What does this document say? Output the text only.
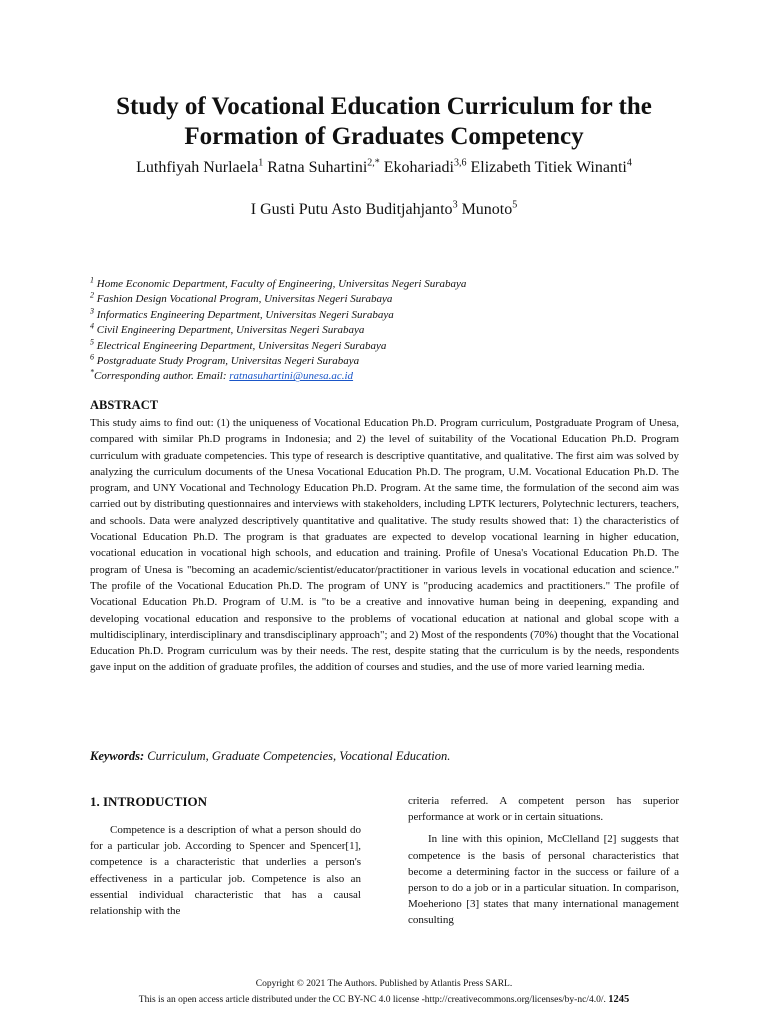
Study of Vocational Education Curriculum for the
Formation of Graduates Competency
Luthfiyah Nurlaela$^1$ Ratna Suhartini$^{2,*}$ Ekohariadi$^{3,6}$ Elizabeth Titiek Winanti$^4$
I Gusti Putu Asto Buditjahjanto$^3$ Munoto$^5$
$^1$ Home Economic Department, Faculty of Engineering, Universitas Negeri Surabaya
$^2$ Fashion Design Vocational Program, Universitas Negeri Surabaya
$^3$ Informatics Engineering Department, Universitas Negeri Surabaya
$^4$ Civil Engineering Department, Universitas Negeri Surabaya
$^5$ Electrical Engineering Department, Universitas Negeri Surabaya
$^6$ Postgraduate Study Program, Universitas Negeri Surabaya
*Corresponding author. Email: ratnasuhartini@unesa.ac.id
ABSTRACT

This study aims to find out: (1) the uniqueness of Vocational Education Ph.D. Program curriculum, Postgraduate Program of Unesa, compared with similar Ph.D programs in Indonesia; and 2) the level of suitability of the Vocational Education Ph.D. Program curriculum with graduate competencies. This type of research is descriptive quantitative, and qualitative. The first aim was solved by analyzing the curriculum documents of the Unesa Vocational Education Ph.D. The program, U.M. Vocational Education Ph.D. The program, and UNY Vocational and Technology Education Ph.D. Program. At the same time, the formulation of the second aim was carried out by distributing questionnaires and interviews with stakeholders, including LPTK lecturers, Polytechnic lecturers, teachers, and schools. Data were analyzed descriptively quantitative and qualitative. The study results showed that: 1) the characteristics of Vocational Education Ph.D. The program is that graduates are expected to develop vocational learning in higher education, vocational education in vocational high schools, and education and training. Profile of Unesa's Vocational Education Ph.D. The program of Unesa is "becoming an academic/scientist/educator/practitioner in various levels in vocational education and science." The profile of the Vocational Education Ph.D. The program of UNY is "producing academics and practitioners." The profile of Vocational Education Ph.D. Program of U.M. is "to be a creative and innovative human being in deepening, expanding and developing vocational education and responsive to the problems of vocational education at national and global scope with a multidisciplinary, interdisciplinary and transdisciplinary approach"; and 2) Most of the respondents (70%) thought that the Vocational Education Ph.D. Program curriculum was by their needs. The rest, despite stating that the curriculum is by the needs, respondents gave input on the addition of graduate profiles, the addition of courses and studies, and the use of more varied learning media.

Keywords: Curriculum, Graduate Competencies, Vocational Education.
1. INTRODUCTION

Competence is a description of what a person should do for a particular job. According to Spencer and Spencer[1], competence is a characteristic that underlies a person's effectiveness in a particular job. Competence is also an essential individual characteristic that has a causal relationship with the

criteria referred. A competent person has superior performance at work or in certain situations.

In line with this opinion, McClelland [2] suggests that competence is the basis of personal characteristics that become a determining factor in the success or failure of a person to do a job or in a particular situation. In comparison, Moeheriono [3] states that many international management consulting

Copyright © 2021 The Authors. Published by Atlantis Press SARL.
This is an open access article distributed under the CC BY-NC 4.0 license -http://creativecommons.org/licenses/by-nc/4.0/. 1245
